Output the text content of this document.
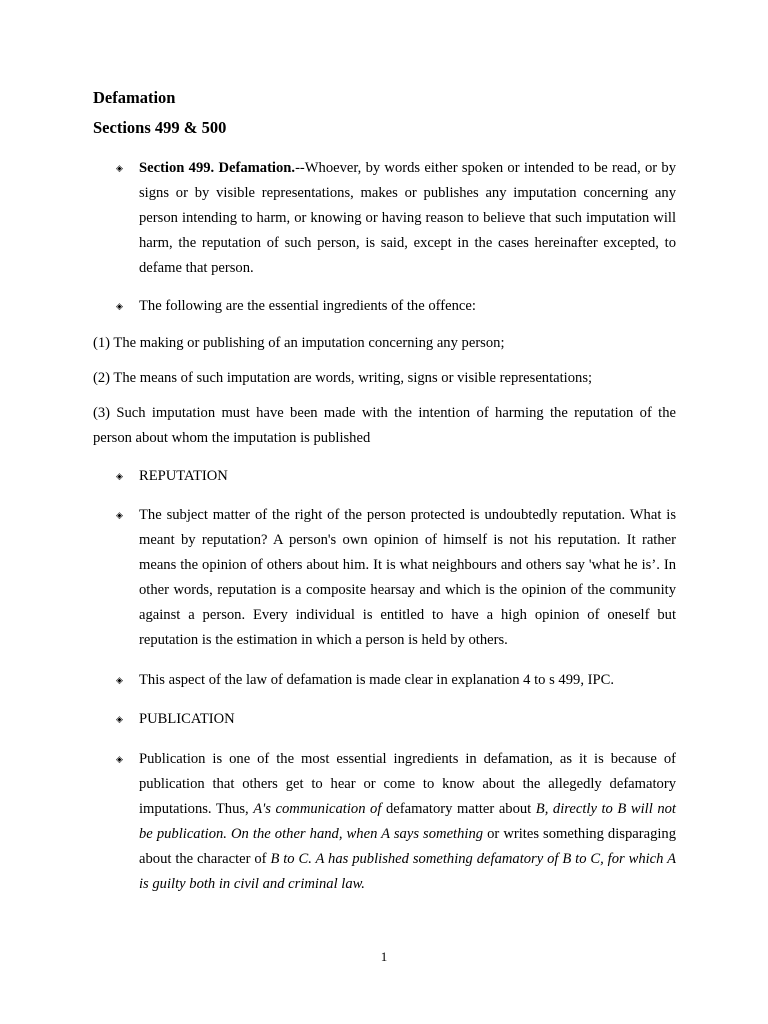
Defamation
Sections 499 & 500
◈ Section 499. Defamation.--Whoever, by words either spoken or intended to be read, or by signs or by visible representations, makes or publishes any imputation concerning any person intending to harm, or knowing or having reason to believe that such imputation will harm, the reputation of such person, is said, except in the cases hereinafter excepted, to defame that person.

◈ The following are the essential ingredients of the offence:

(1) The making or publishing of an imputation concerning any person;

(2) The means of such imputation are words, writing, signs or visible representations;

(3) Such imputation must have been made with the intention of harming the reputation of the person about whom the imputation is published

◈ REPUTATION

◈ The subject matter of the right of the person protected is undoubtedly reputation. What is meant by reputation? A person's own opinion of himself is not his reputation. It rather means the opinion of others about him. It is what neighbours and others say 'what he is’. In other words, reputation is a composite hearsay and which is the opinion of the community against a person. Every individual is entitled to have a high opinion of oneself but reputation is the estimation in which a person is held by others.

◈ This aspect of the law of defamation is made clear in explanation 4 to s 499, IPC.

◈ PUBLICATION

◈ Publication is one of the most essential ingredients in defamation, as it is because of publication that others get to hear or come to know about the allegedly defamatory imputations. Thus, A's communication of defamatory matter about B, directly to B will not be publication. On the other hand, when A says something or writes something disparaging about the character of B to C. A has published something defamatory of B to C, for which A is guilty both in civil and criminal law.

1
